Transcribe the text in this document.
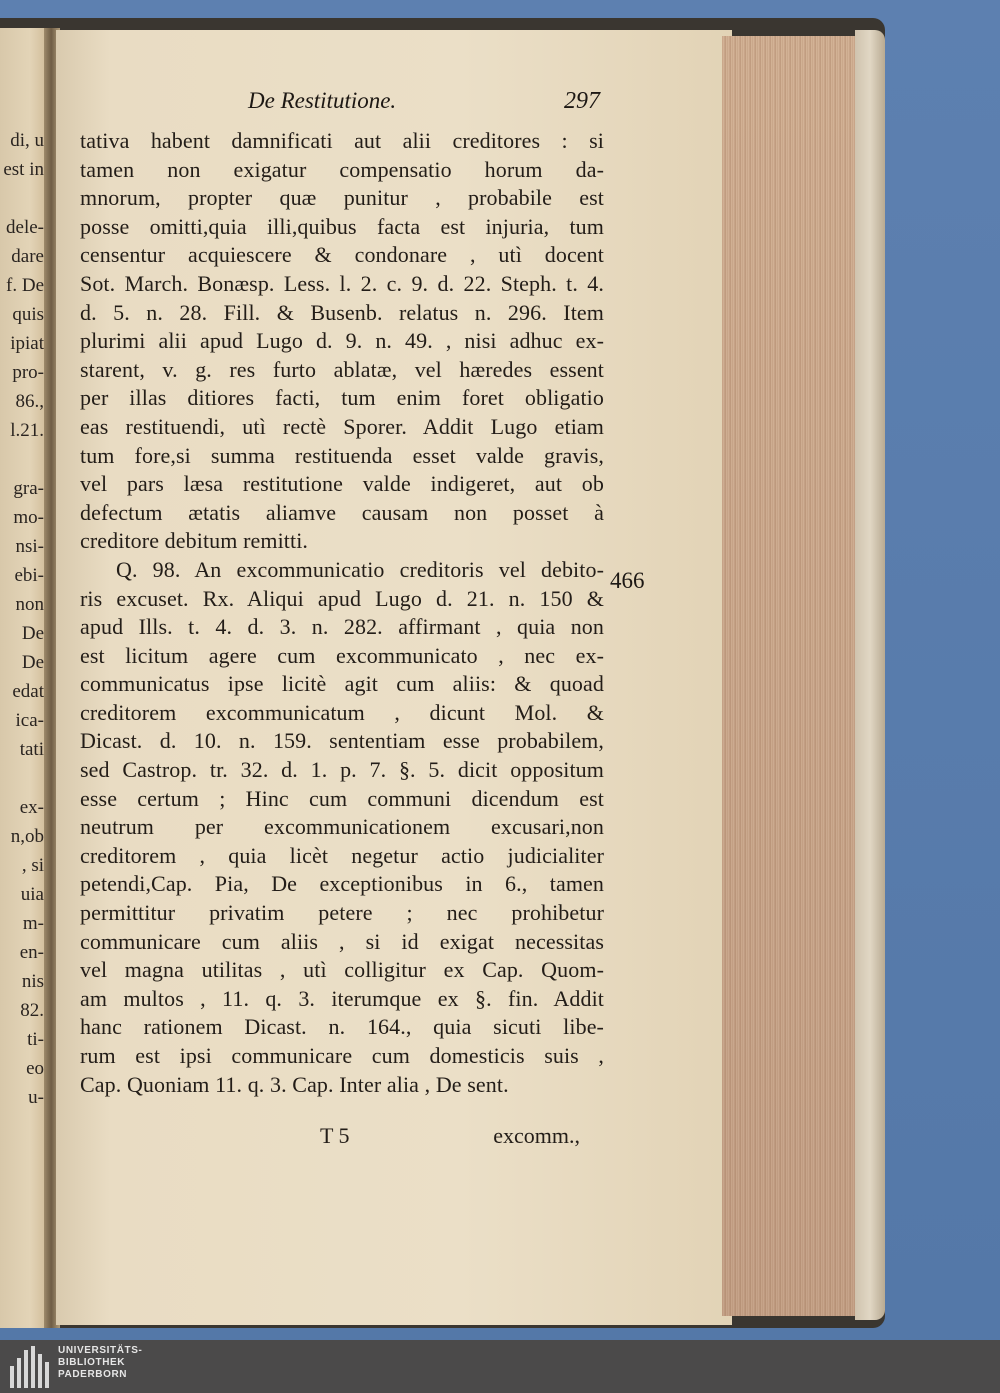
di, u
est in
dele-
dare
f. De
quis
ipiat
pro-
86.,
l.21.
gra-
mo-
nsi-
ebi-
non
De
De
edat
ica-
tati
ex-
n,ob
, si
uia
m-
en-
nis
82.
ti-
eo
u-
De Restitutione.	297
tativa habent damnificati aut alii creditores : si
tamen non exigatur compensatio horum da-
mnorum, propter quæ punitur , probabile est
posse omitti,quia illi,quibus facta est injuria, tum
censentur acquiescere & condonare , utì docent
Sot. March. Bonæsp. Less. l. 2. c. 9. d. 22. Steph. t. 4.
d. 5. n. 28. Fill. & Busenb. relatus n. 296. Item
plurimi alii apud Lugo d. 9. n. 49. , nisi adhuc ex-
starent, v. g. res furto ablatæ, vel hæredes essent
per illas ditiores facti, tum enim foret obligatio
eas restituendi, utì rectè Sporer. Addit Lugo etiam
tum fore,si summa restituenda esset valde gravis,
vel pars læsa restitutione valde indigeret, aut ob
defectum ætatis aliamve causam non posset à
creditore debitum remitti.
Q. 98. An excommunicatio creditoris vel debito-
ris excuset. Rx. Aliqui apud Lugo d. 21. n. 150 &
apud Ills. t. 4. d. 3. n. 282. affirmant , quia non
est licitum agere cum excommunicato , nec ex-
communicatus ipse licitè agit cum aliis: & quoad
creditorem excommunicatum , dicunt Mol. &
Dicast. d. 10. n. 159. sententiam esse probabilem,
sed Castrop. tr. 32. d. 1. p. 7. §. 5. dicit oppositum
esse certum ; Hinc cum communi dicendum est
neutrum per excommunicationem excusari,non
creditorem , quia licèt negetur actio judicialiter
petendi,Cap. Pia, De exceptionibus in 6., tamen
permittitur privatim petere ; nec prohibetur
communicare cum aliis , si id exigat necessitas
vel magna utilitas , utì colligitur ex Cap. Quom-
am multos , 11. q. 3. iterumque ex §. fin. Addit
hanc rationem Dicast. n. 164., quia sicuti libe-
rum est ipsi communicare cum domesticis suis ,
Cap. Quoniam 11. q. 3. Cap. Inter alia , De sent.
466
T 5	excomm.,
UNIVERSITÄTS-
BIBLIOTHEK
PADERBORN
